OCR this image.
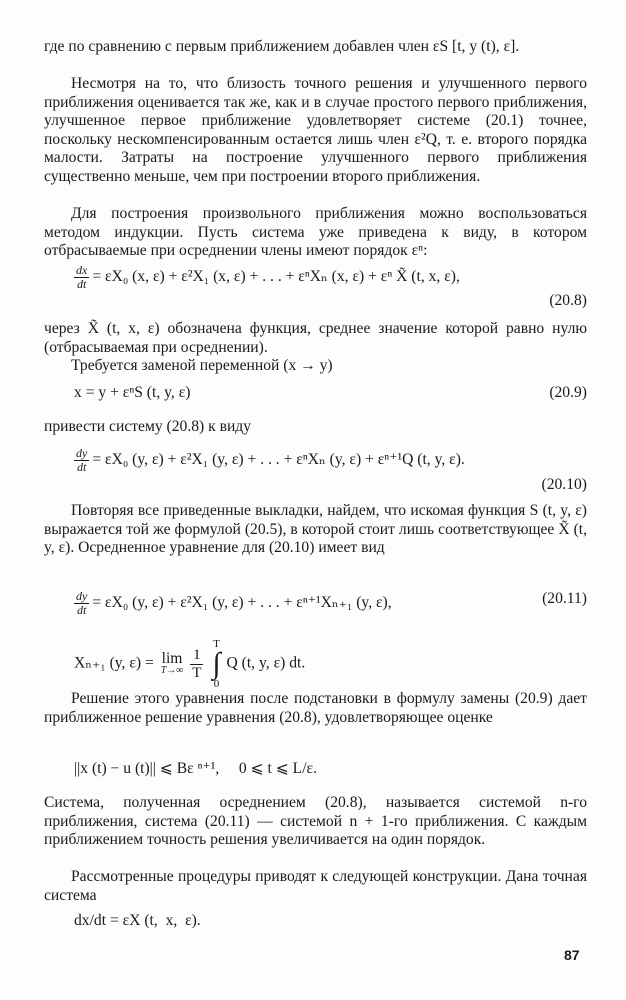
где по сравнению с первым приближением добавлен член εS [t, y (t), ε].

Несмотря на то, что близость точного решения и улучшенного первого приближения оценивается так же, как и в случае простого первого приближения, улучшенное первое приближение удовлетворяет системе (20.1) точнее, поскольку нескомпенсированным остается лишь член ε²Q, т. е. второго порядка малости. Затраты на построение улучшенного первого приближения существенно меньше, чем при построении второго приближения.

Для построения произвольного приближения можно воспользоваться методом индукции. Пусть система уже приведена к виду, в котором отбрасываемые при осреднении члены имеют порядок εⁿ:

$\frac{dx}{dt} = \varepsilon X_0$ (x, ε) + ε²X₁ (x, ε) + . . . + εⁿXₙ (x, ε) + εⁿ X̃ (t, x, ε),
(20.8)

через X̃ (t, x, ε) обозначена функция, среднее значение которой равно нулю (отбрасываемая при осреднении).

Требуется заменой переменной (x → y)

x = y + εⁿS (t, y, ε)	(20.9)

привести систему (20.8) к виду

$\frac{dy}{dt} = \varepsilon X_0$ (y, ε) + ε²X₁ (y, ε) + . . . + εⁿXₙ (y, ε) + εⁿ⁺¹Q (t, y, ε).
(20.10)

Повторяя все приведенные выкладки, найдем, что искомая функция S (t, y, ε) выражается той же формулой (20.5), в которой стоит лишь соответствующее X̃ (t, y, ε). Осредненное уравнение для (20.10) имеет вид

$\frac{dy}{dt} = \varepsilon X_0$ (y, ε) + ε²X₁ (y, ε) + . . . + εⁿ⁺¹Xₙ₊₁ (y, ε),	(20.11)
Xₙ₊₁ (y, ε) = lim
T→∞
$\frac{1}{T}$
T
∫
0 Q (t, y, ε) dt.

Решение этого уравнения после подстановки в формулу замены (20.9) дает приближенное решение уравнения (20.8), удовлетворяющее оценке

||x (t) − u (t)|| ⩽ Bε ⁿ⁺¹,     0 ⩽ t ⩽ L/ε.

Система, полученная осреднением (20.8), называется системой n-го приближения, система (20.11) — системой n + 1-го приближения. С каждым приближением точность решения увеличивается на один порядок.

Рассмотренные процедуры приводят к следующей конструкции. Дана точная система

dx/dt = εX (t,  x,  ε).
87
